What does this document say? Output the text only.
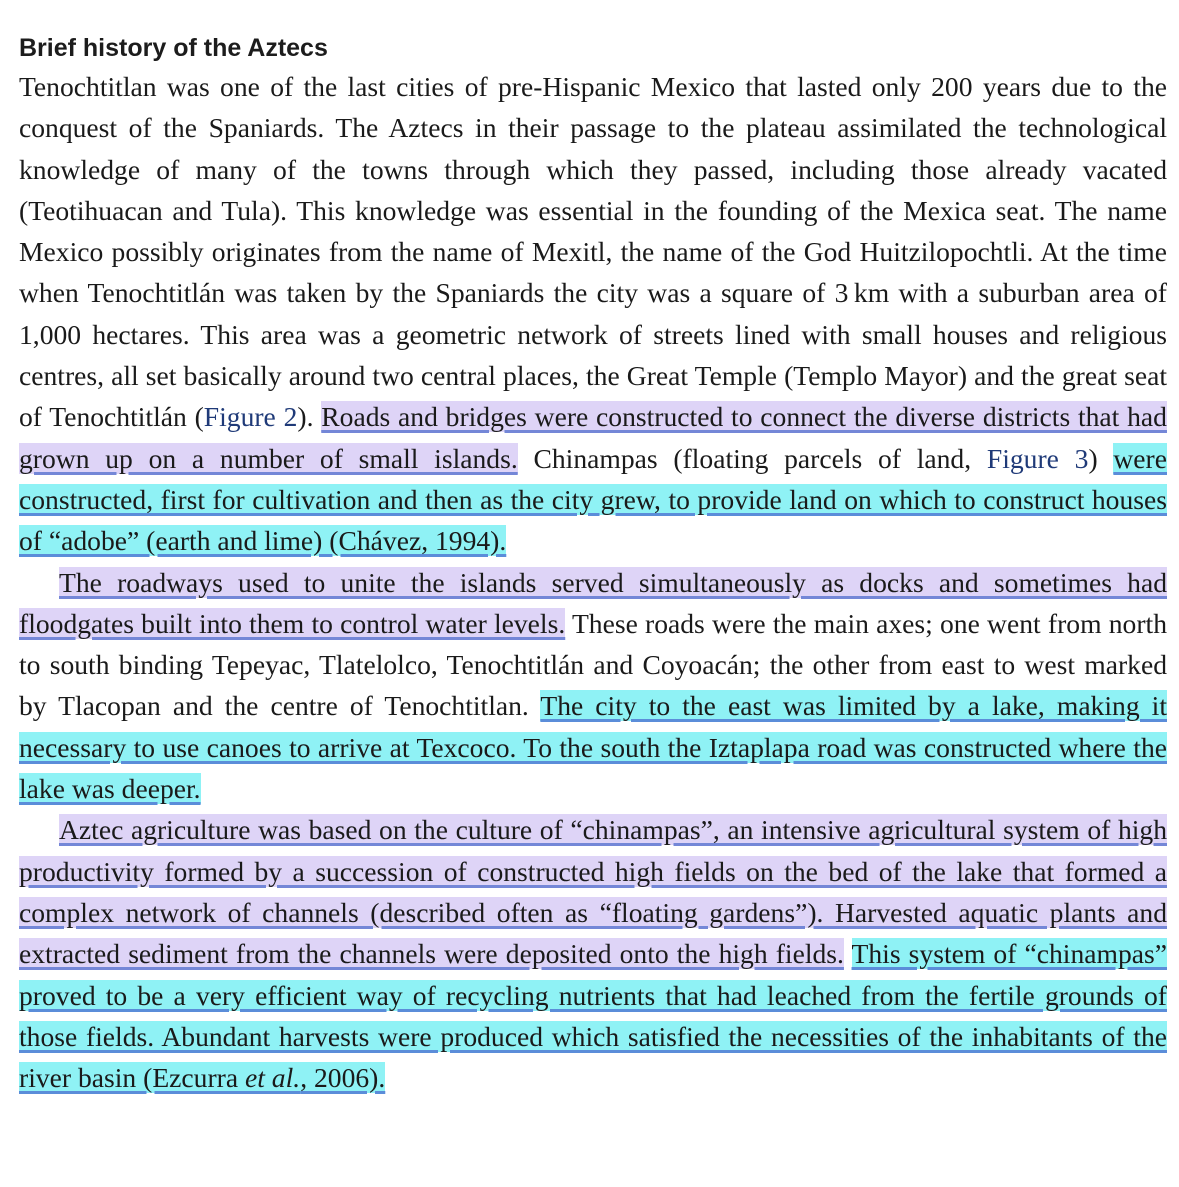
Brief history of the Aztecs

Tenochtitlan was one of the last cities of pre-Hispanic Mexico that lasted only 200 years due to the conquest of the Spaniards. The Aztecs in their passage to the plateau assimilated the technological knowledge of many of the towns through which they passed, including those already vacated (Teotihuacan and Tula). This knowledge was essential in the founding of the Mexica seat. The name Mexico possibly originates from the name of Mexitl, the name of the God Huitzilopochtli. At the time when Tenochtitlán was taken by the Spaniards the city was a square of 3 km with a suburban area of 1,000 hectares. This area was a geometric network of streets lined with small houses and religious centres, all set basically around two central places, the Great Temple (Templo Mayor) and the great seat of Tenochtitlán (Figure 2). Roads and bridges were constructed to connect the diverse districts that had grown up on a number of small islands. Chinampas (floating parcels of land, Figure 3) were constructed, first for cultivation and then as the city grew, to provide land on which to construct houses of “adobe” (earth and lime) (Chávez, 1994).

The roadways used to unite the islands served simultaneously as docks and sometimes had floodgates built into them to control water levels. These roads were the main axes; one went from north to south binding Tepeyac, Tlatelolco, Tenochtitlán and Coyoacán; the other from east to west marked by Tlacopan and the centre of Tenochtitlan. The city to the east was limited by a lake, making it necessary to use canoes to arrive at Texcoco. To the south the Iztaplapa road was constructed where the lake was deeper.

Aztec agriculture was based on the culture of “chinampas”, an intensive agricultural system of high productivity formed by a succession of constructed high fields on the bed of the lake that formed a complex network of channels (described often as “floating gardens”). Harvested aquatic plants and extracted sediment from the channels were deposited onto the high fields. This system of “chinampas” proved to be a very efficient way of recycling nutrients that had leached from the fertile grounds of those fields. Abundant harvests were produced which satisfied the necessities of the inhabitants of the river basin (Ezcurra et al., 2006).
